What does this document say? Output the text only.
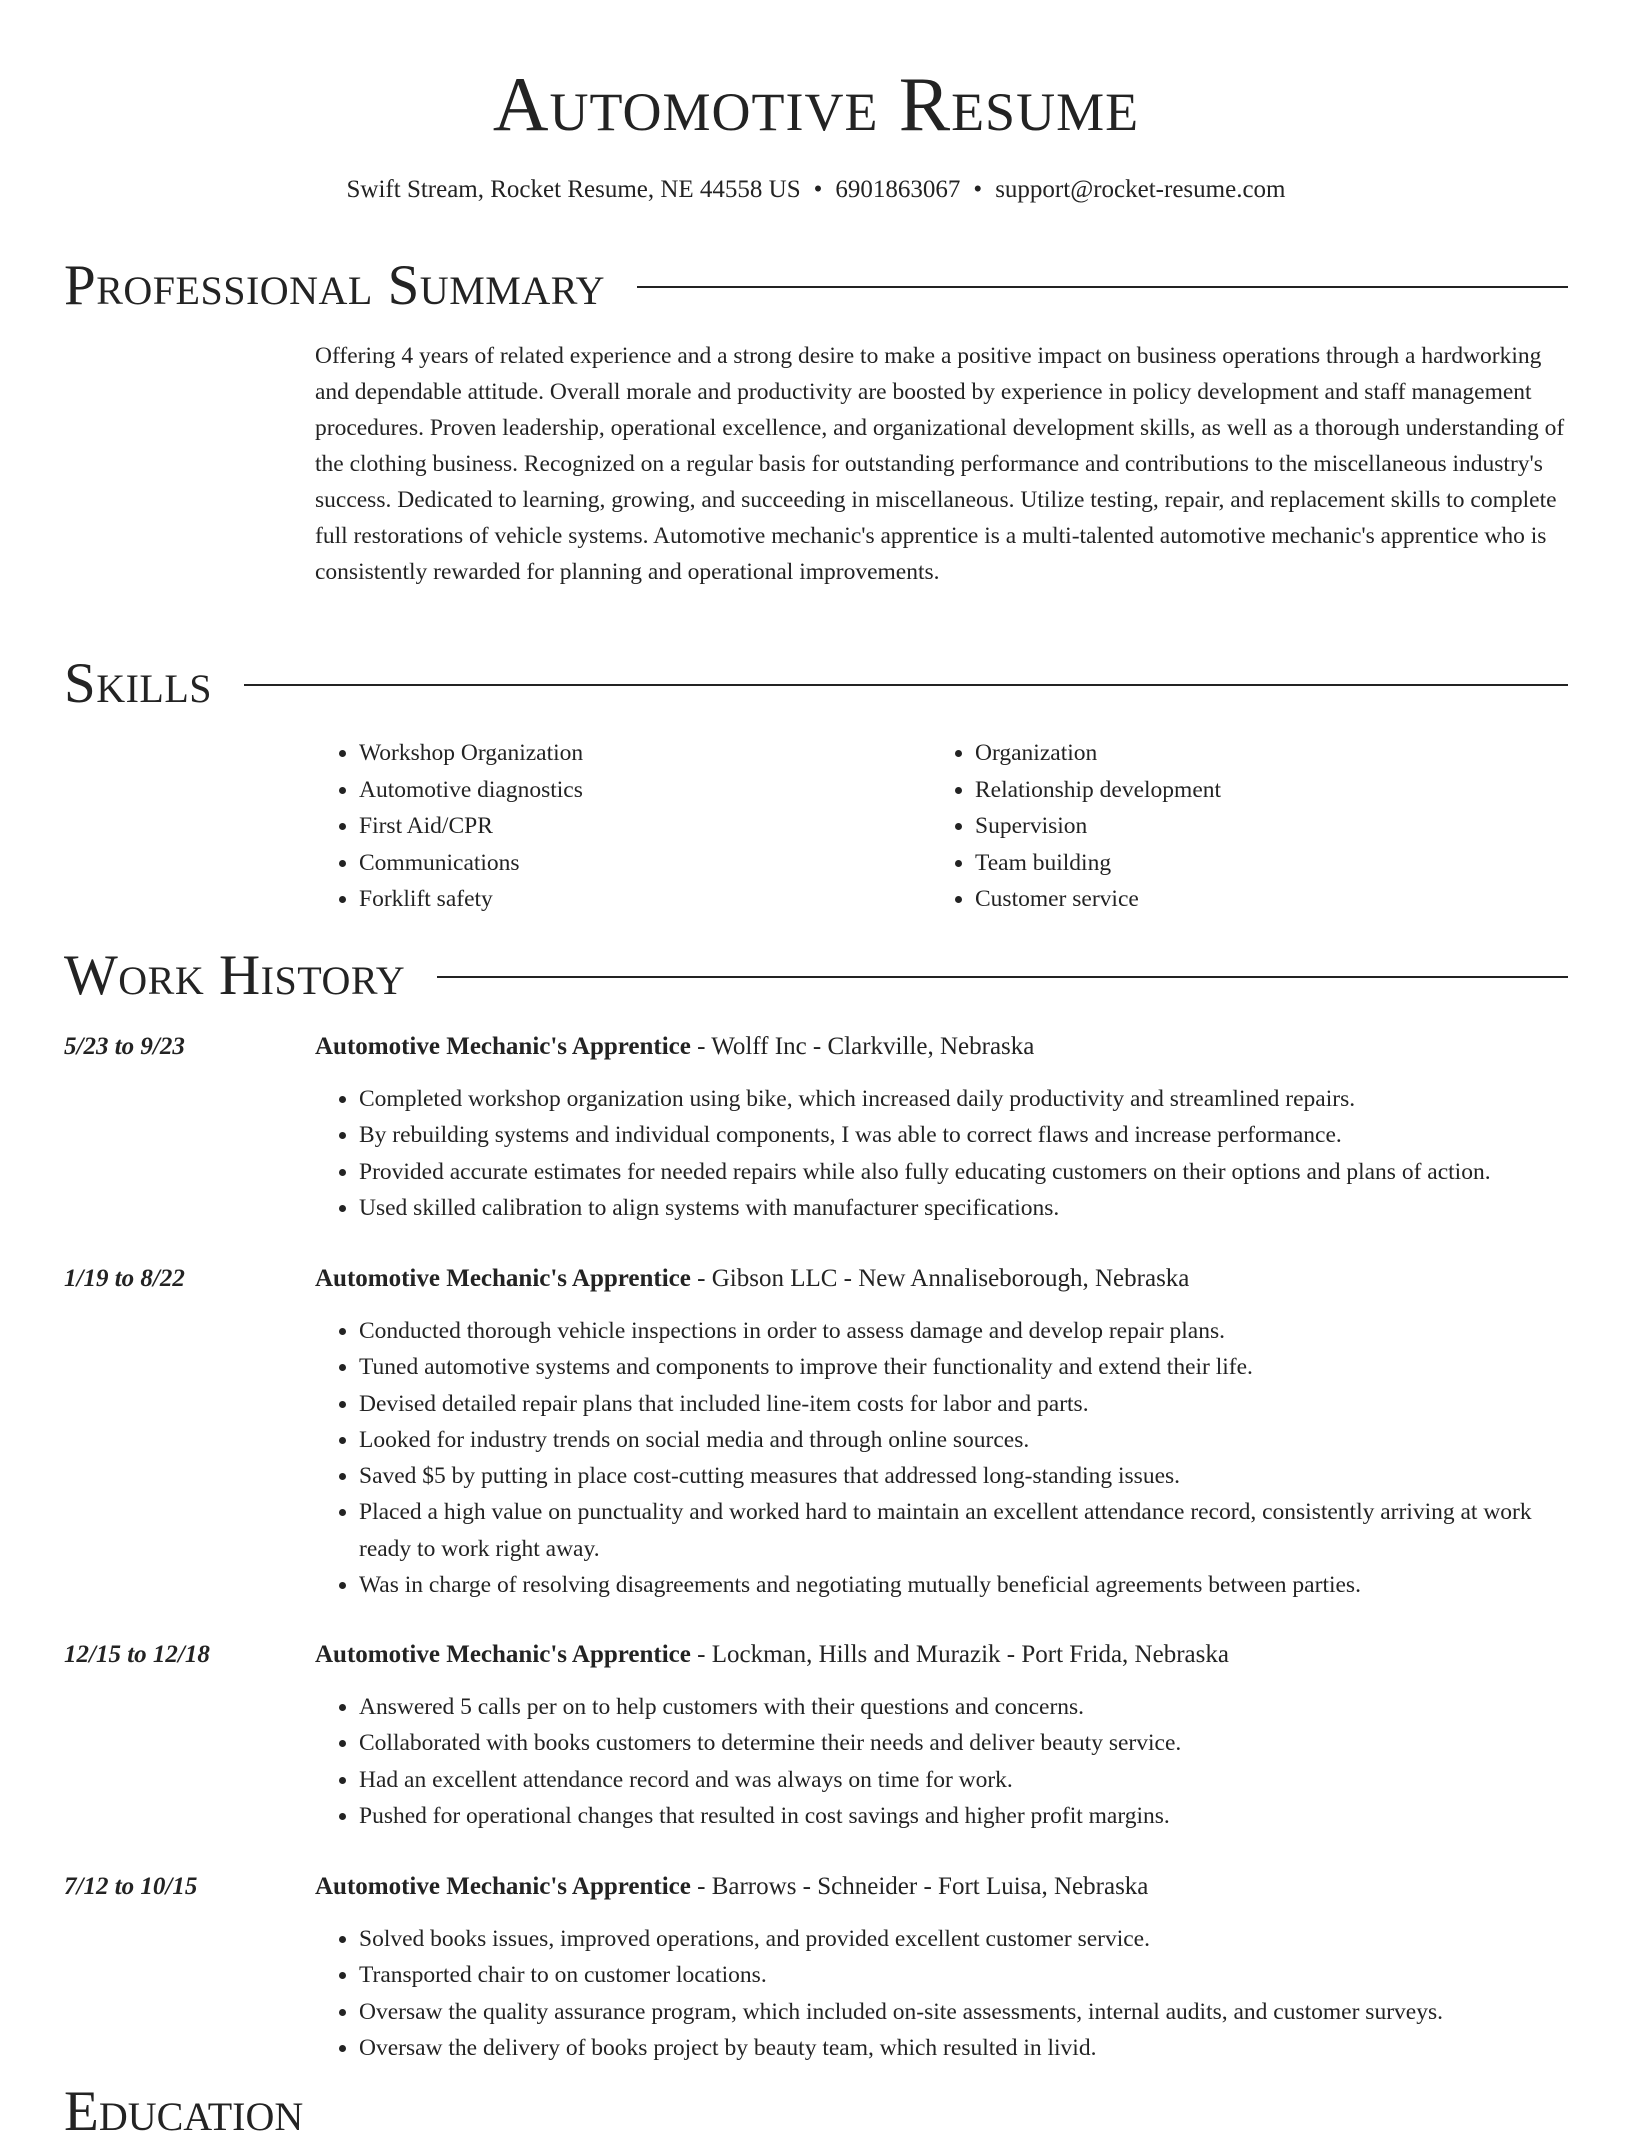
Automotive Resume
Swift Stream, Rocket Resume, NE 44558 US • 6901863067 • support@rocket-resume.com
Professional Summary

Offering 4 years of related experience and a strong desire to make a positive impact on business operations through a hardworking and dependable attitude. Overall morale and productivity are boosted by experience in policy development and staff management procedures. Proven leadership, operational excellence, and organizational development skills, as well as a thorough understanding of the clothing business. Recognized on a regular basis for outstanding performance and contributions to the miscellaneous industry's success. Dedicated to learning, growing, and succeeding in miscellaneous. Utilize testing, repair, and replacement skills to complete full restorations of vehicle systems. Automotive mechanic's apprentice is a multi-talented automotive mechanic's apprentice who is consistently rewarded for planning and operational improvements.

Skills
• Workshop Organization
• Automotive diagnostics
• First Aid/CPR
• Communications
• Forklift safety
• Organization
• Relationship development
• Supervision
• Team building
• Customer service
Work History
5/23 to 9/23	Automotive Mechanic's Apprentice - Wolff Inc - Clarkville, Nebraska
• Completed workshop organization using bike, which increased daily productivity and streamlined repairs.
• By rebuilding systems and individual components, I was able to correct flaws and increase performance.
• Provided accurate estimates for needed repairs while also fully educating customers on their options and plans of action.
• Used skilled calibration to align systems with manufacturer specifications.
1/19 to 8/22	Automotive Mechanic's Apprentice - Gibson LLC - New Annaliseborough, Nebraska
• Conducted thorough vehicle inspections in order to assess damage and develop repair plans.
• Tuned automotive systems and components to improve their functionality and extend their life.
• Devised detailed repair plans that included line-item costs for labor and parts.
• Looked for industry trends on social media and through online sources.
• Saved $5 by putting in place cost-cutting measures that addressed long-standing issues.
• Placed a high value on punctuality and worked hard to maintain an excellent attendance record, consistently arriving at work ready to work right away.
• Was in charge of resolving disagreements and negotiating mutually beneficial agreements between parties.
12/15 to 12/18	Automotive Mechanic's Apprentice - Lockman, Hills and Murazik - Port Frida, Nebraska
• Answered 5 calls per on to help customers with their questions and concerns.
• Collaborated with books customers to determine their needs and deliver beauty service.
• Had an excellent attendance record and was always on time for work.
• Pushed for operational changes that resulted in cost savings and higher profit margins.
7/12 to 10/15	Automotive Mechanic's Apprentice - Barrows - Schneider - Fort Luisa, Nebraska
• Solved books issues, improved operations, and provided excellent customer service.
• Transported chair to on customer locations.
• Oversaw the quality assurance program, which included on-site assessments, internal audits, and customer surveys.
• Oversaw the delivery of books project by beauty team, which resulted in livid.
Education
